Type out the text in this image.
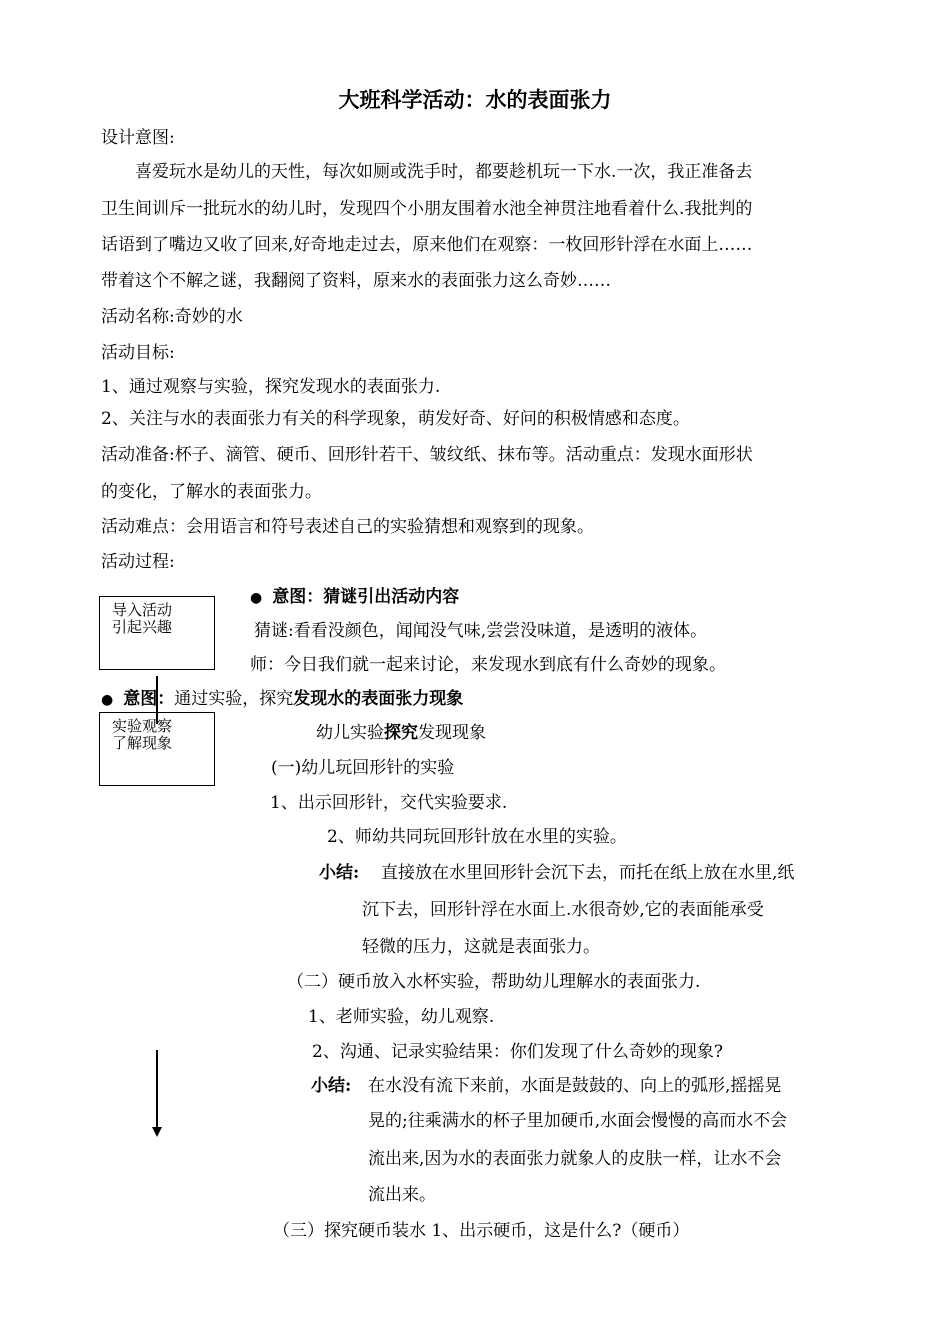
大班科学活动：水的表面张力
设计意图:
喜爱玩水是幼儿的天性，每次如厕或洗手时，都要趁机玩一下水.一次，我正准备去
卫生间训斥一批玩水的幼儿时，发现四个小朋友围着水池全神贯注地看着什么.我批判的
话语到了嘴边又收了回来,好奇地走过去，原来他们在观察：一枚回形针浮在水面上……
带着这个不解之谜，我翻阅了资料，原来水的表面张力这么奇妙……
活动名称:奇妙的水
活动目标:
1、通过观察与实验，探究发现水的表面张力.
2、关注与水的表面张力有关的科学现象，萌发好奇、好问的积极情感和态度。
活动准备:杯子、滴管、硬币、回形针若干、皱纹纸、抹布等。活动重点：发现水面形状
的变化，了解水的表面张力。
活动难点：会用语言和符号表述自己的实验猜想和观察到的现象。
活动过程:
导入活动
引起兴趣
实验观察
了解现象
● 意图：猜谜引出活动内容
猜谜:看看没颜色，闻闻没气味,尝尝没味道，是透明的液体。
师：今日我们就一起来讨论，来发现水到底有什么奇妙的现象。
● 意图：通过实验，探究发现水的表面张力现象
幼儿实验探究发现现象
(一)幼儿玩回形针的实验
1、出示回形针，交代实验要求.
2、师幼共同玩回形针放在水里的实验。
小结: 直接放在水里回形针会沉下去，而托在纸上放在水里,纸
沉下去，回形针浮在水面上.水很奇妙,它的表面能承受
轻微的压力，这就是表面张力。
（二）硬币放入水杯实验，帮助幼儿理解水的表面张力.
1、老师实验，幼儿观察.
2、沟通、记录实验结果：你们发现了什么奇妙的现象?
小结: 在水没有流下来前，水面是鼓鼓的、向上的弧形,摇摇晃
晃的;往乘满水的杯子里加硬币,水面会慢慢的高而水不会
流出来,因为水的表面张力就象人的皮肤一样，让水不会
流出来。
（三）探究硬币装水 1、出示硬币，这是什么?（硬币）
